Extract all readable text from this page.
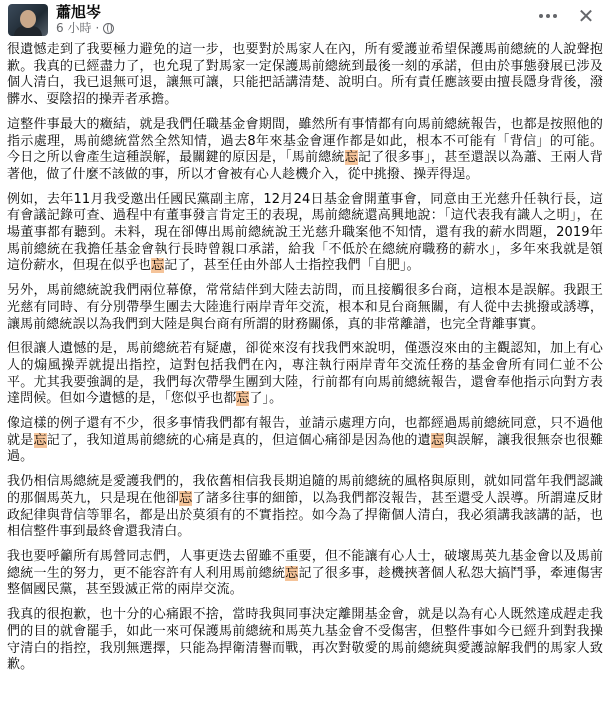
蕭旭岑
6 小時 ·	✕

很遺憾走到了我要極力避免的這一步，也要對於馬家人在內，所有愛護並希望保護馬前總統的人說聲抱歉。我真的已經盡力了，也允現了對馬家一定保護馬前總統到最後一刻的承諾，但由於事態發展已涉及個人清白，我已退無可退，讓無可讓，只能把話講清楚、說明白。所有責任應該要由擅長隱身背後，潑髒水、耍陰招的操弄者承擔。

這整件事最大的癥結，就是我們任職基金會期間，雖然所有事情都有向馬前總統報告，也都是按照他的指示處理，馬前總統當然全然知情，過去8年來基金會運作都是如此，根本不可能有「背信」的可能。今日之所以會產生這種誤解，最關鍵的原因是，「馬前總統忘記了很多事」，甚至還誤以為蕭、王兩人背著他，做了什麼不該做的事，所以才會被有心人趁機介入，從中挑撥、操弄得逞。

例如，去年11月我受邀出任國民黨副主席，12月24日基金會開董事會，同意由王光慈升任執行長，這有會議記錄可查、過程中有董事發言肯定王的表現，馬前總統還高興地說：「這代表我有識人之明」，在場董事都有聽到。未料，現在卻傳出馬前總統說王光慈升職案他不知情，還有我的薪水問題，2019年馬前總統在我擔任基金會執行長時曾親口承諾，給我「不低於在總統府職務的薪水」，多年來我就是領這份薪水，但現在似乎也忘記了，甚至任由外部人士指控我們「自肥」。

另外，馬前總統說我們兩位幕僚，常常結伴到大陸去訪問，而且接觸很多台商，這根本是誤解。我跟王光慈有同時、有分別帶學生團去大陸進行兩岸青年交流，根本和見台商無關，有人從中去挑撥或誘導，讓馬前總統誤以為我們到大陸是與台商有所謂的財務關係，真的非常離譜，也完全背離事實。

但很讓人遺憾的是，馬前總統若有疑慮，卻從來沒有找我們來說明，僅憑沒來由的主觀認知，加上有心人的煽風操弄就提出指控，這對包括我們在內，專注執行兩岸青年交流任務的基金會所有同仁並不公平。尤其我要強調的是，我們每次帶學生團到大陸，行前都有向馬前總統報告，還會奉他指示向對方表達問候。但如今遺憾的是，「您似乎也都忘了」。

像這樣的例子還有不少，很多事情我們都有報告，並請示處理方向，也都經過馬前總統同意，只不過他就是忘記了，我知道馬前總統的心痛是真的，但這個心痛卻是因為他的遺忘與誤解，讓我很無奈也很難過。

我仍相信馬總統是愛護我們的，我依舊相信我長期追隨的馬前總統的風格與原則，就如同當年我們認識的那個馬英九，只是現在他卻忘了諸多往事的細節，以為我們都沒報告，甚至還受人誤導。所謂違反財政紀律與背信等罪名，都是出於莫須有的不實指控。如今為了捍衛個人清白，我必須講我該講的話，也相信整件事到最終會還我清白。

我也要呼籲所有馬營同志們，人事更迭去留雖不重要，但不能讓有心人士，破壞馬英九基金會以及馬前總統一生的努力，更不能容許有人利用馬前總統忘記了很多事，趁機挾著個人私怨大搞鬥爭，牽連傷害整個國民黨，甚至毀滅正常的兩岸交流。

我真的很抱歉，也十分的心痛跟不捨，當時我與同事決定離開基金會，就是以為有心人既然達成趕走我們的目的就會罷手，如此一來可保護馬前總統和馬英九基金會不受傷害，但整件事如今已經升到對我操守清白的指控，我別無選擇，只能為捍衛清譽而戰，再次對敬愛的馬前總統與愛護諒解我們的馬家人致歉。
